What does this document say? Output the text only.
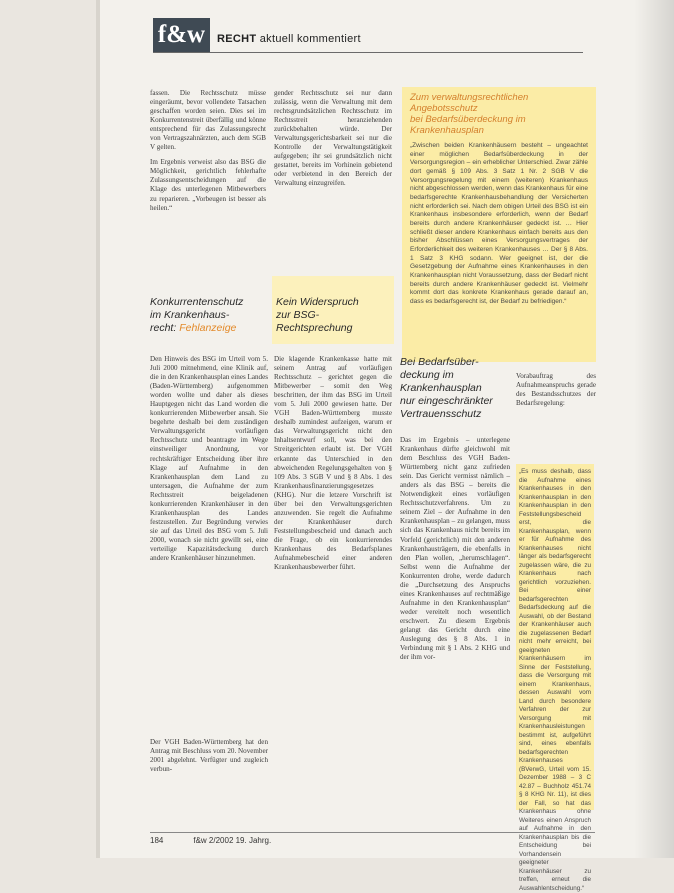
f&w	RECHT aktuell kommentiert

fassen. Die Rechtsschutz müsse eingeräumt, bevor vollendete Tatsachen geschaffen worden seien. Dies sei im Konkurrentenstreit überfällig und könne entsprechend für das Zulassungsrecht von Vertragszahnärzten, auch dem SGB V gelten.

Im Ergebnis verweist also das BSG die Möglichkeit, gerichtlich fehlerhafte Zulassungsentscheidungen auf die Klage des unterlegenen Mitbewerbers zu reparieren. „Vorbeugen ist besser als heilen.“

Konkurrentenschutz
im Krankenhaus-
recht: Fehlanzeige

Den Hinweis des BSG im Urteil vom 5. Juli 2000 mitnehmend, eine Klinik auf, die in den Krankenhausplan eines Landes (Baden-Württemberg) aufgenommen worden wollte und daher als dieses Hauptgegen nicht das Land worden die konkurrierenden Mitbewerber ansah. Sie begehrte deshalb bei dem zuständigen Verwaltungsgericht vorläufigen Rechtsschutz und beantragte im Wege einstweiliger Anordnung, vor rechtskräftiger Entscheidung über ihre Klage auf Aufnahme in den Krankenhausplan dem Land zu untersagen, die Aufnahme der zum Rechtsstreit beigeladenen konkurrierenden Krankenhäuser in den Krankenhausplan des Landes festzustellen. Zur Begründung verwies sie auf das Urteil des BSG vom 5. Juli 2000, wonach sie nicht gewillt sei, eine verteilige Kapazitätsdeckung durch andere Krankenhäuser hinzunehmen.

Der VGH Baden-Württemberg hat den Antrag mit Beschluss vom 20. November 2001 abgelehnt. Verfügter und zugleich verbun-

gender Rechtsschutz sei nur dann zulässig, wenn die Verwaltung mit dem rechtsgrundsätzlichen Rechtsschutz im Rechtsstreit heranziehenden zurückbehalten würde. Der Verwaltungsgerichtsbarkeit sei nur die Kontrolle der Verwaltungstätigkeit aufgegeben; ihr sei grundsätzlich nicht gestattet, bereits im Vorhinein gebietend oder verbietend in den Bereich der Verwaltung einzugreifen.

Kein Widerspruch
zur BSG-
Rechtsprechung

Die klagende Krankenkasse hatte mit seinem Antrag auf vorläufigen Rechtsschutz – gerichtet gegen die Mitbewerber – somit den Weg beschritten, der ihm das BSG im Urteil vom 5. Juli 2000 gewiesen hatte. Der VGH Baden-Württemberg musste deshalb zumindest aufzeigen, warum er das Verwaltungsgericht nicht den Inhaltsentwurf soll, was bei den Streitgerichten erlaubt ist. Der VGH erkannte das Unterschied in den abweichenden Regelungsgehalten von § 109 Abs. 3 SGB V und § 8 Abs. 1 des Krankenhausfinanzierungsgesetzes (KHG). Nur die letzere Vorschrift ist über bei den Verwaltungsgerichten anzuwenden. Sie regelt die Aufnahme der Krankenhäuser durch Feststellungsbescheid und danach auch die Frage, ob ein konkurrierendes Krankenhaus des Bedarfsplanes Aufnahmebescheid einer anderen Krankenhausbewerber führt.

Zum verwaltungsrechtlichen Angebotsschutz
bei Bedarfsüberdeckung im Krankenhausplan
„Zwischen beiden Krankenhäusern besteht – ungeachtet einer möglichen Bedarfsüberdeckung in der Versorgungsregion – ein erheblicher Unterschied. Zwar zähle dort gemäß § 109 Abs. 3 Satz 1 Nr. 2 SGB V die Versorgungsregelung mit einem (weiteren) Krankenhaus nicht abgeschlossen werden, wenn das Krankenhaus für eine bedarfsgerechte Krankenhausbehandlung der Versicherten nicht erforderlich sei. Nach dem obigen Urteil des BSG ist ein Krankenhaus insbesondere erforderlich, wenn der Bedarf bereits durch andere Krankenhäuser gedeckt ist. … Hier schließt dieser andere Krankenhaus einfach bereits aus den bisher Abschlüssen eines Versorgungsvertrages der Erforderlichkeit des weiteren Krankenhauses … Der § 8 Abs. 1 Satz 3 KHG sodann. Wer geeignet ist, der die Gesetzgebung der Aufnahme eines Krankenhauses in den Krankenhausplan nicht Voraussetzung, dass der Bedarf nicht bereits durch andere Krankenhäuser gedeckt ist. Vielmehr kommt dort das konkrete Krankenhaus gerade darauf an, dass es bedarfsgerecht ist, der Bedarf zu befriedigen.“
Bei Bedarfsüber-
deckung im
Krankenhausplan
nur eingeschränkter
Vertrauensschutz

Das im Ergebnis – unterlegene Krankenhaus dürfte gleichwohl mit dem Beschluss des VGH Baden-Württemberg nicht ganz zufrieden sein. Das Gericht vermisst nämlich – anders als das BSG – bereits die Notwendigkeit eines vorläufigen Rechtsschutzverfahrens. Um zu seinem Ziel – der Aufnahme in den Krankenhausplan – zu gelangen, muss sich das Krankenhaus nicht bereits im Vorfeld (gerichtlich) mit den anderen Krankenhausträgern, die ebenfalls in den Plan wollen, „herumschlagen“. Selbst wenn die Aufnahme der Konkurrenten drohe, werde dadurch die „Durchsetzung des Anspruchs eines Krankenhauses auf rechtmäßige Aufnahme in den Krankenhausplan“ weder vereitelt noch wesentlich erschwert. Zu diesem Ergebnis gelangt das Gericht durch eine Auslegung des § 8 Abs. 1 in Verbindung mit § 1 Abs. 2 KHG und der ihm vor-

Vorabauftrag des Aufnahmeanspruchs gerade des Bestandsschutzes der Bedarfsregelung:

„Es muss deshalb, dass die Aufnahme eines Krankenhauses in den Krankenhausplan in den Krankenhausplan in den Feststellungsbescheid erst, die Krankenhausplan, wenn er für Aufnahme des Krankenhauses nicht länger als bedarfsgerecht zugelassen wäre, die zu Krankenhaus nach gerichtlich vorzuziehen. Bei einer bedarfsgerechten Bedarfsdeckung auf die Auswahl, ob der Bestand der Krankenhäuser auch die zugelassenen Bedarf nicht mehr erreicht, bei geeigneten Krankenhäusern im Sinne der Feststellung, dass die Versorgung mit einem Krankenhaus, dessen Auswahl vom Land durch besondere Verfahren der zur Versorgung mit Krankenhausleistungen bestimmt ist, aufgeführt sind, eines ebenfalls bedarfsgerechten Krankenhauses (BVerwG, Urteil vom 15. Dezember 1988 – 3 C 42.87 – Buchholz 451.74 § 8 KHG Nr. 11), ist dies der Fall, so hat das Krankenhaus ohne Weiteres einen Anspruch auf Aufnahme in den Krankenhausplan bis die Entscheidung bei Vorhandensein geeigneter Krankenhäuser zu treffen, erneut die Auswahlentscheidung.“
184	f&w 2/2002 19. Jahrg.
